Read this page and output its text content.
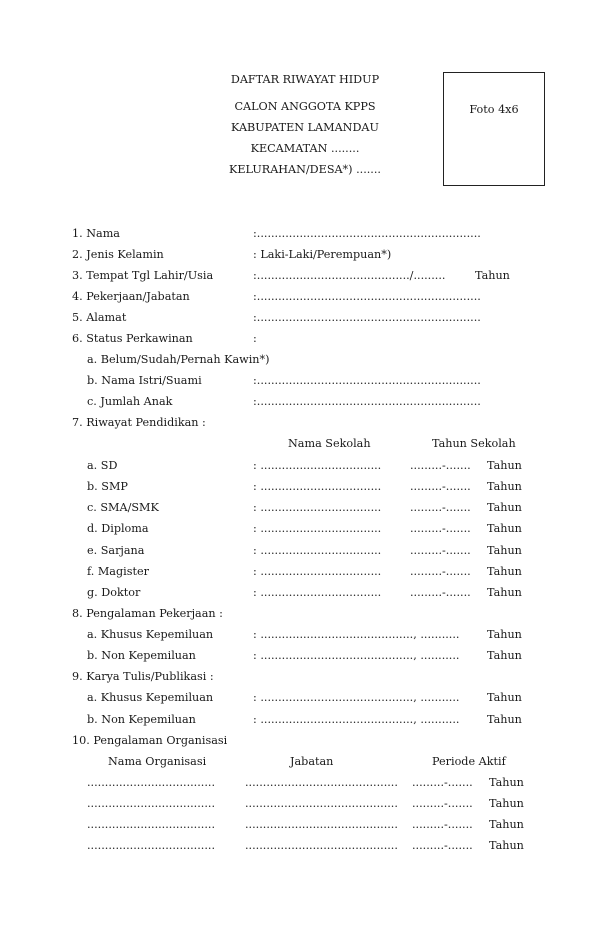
DAFTAR RIWAYAT HIDUP
CALON ANGGOTA KPPS
KABUPATEN LAMANDAU
KECAMATAN ........
KELURAHAN/DESA*) .......
Foto 4x6
1. Nama	:...............................................................
2. Jenis Kelamin	: Laki-Laki/Perempuan*)
3. Tempat Tgl Lahir/Usia	:.........................................../.........	Tahun
4. Pekerjaan/Jabatan	:...............................................................
5. Alamat	:...............................................................
6. Status Perkawinan	:
a. Belum/Sudah/Pernah Kawin*)
b. Nama Istri/Suami	:...............................................................
c. Jumlah Anak	:...............................................................
7. Riwayat Pendidikan :
Nama Sekolah	Tahun Sekolah
a. SD	: ..................................	.........-....... Tahun
b. SMP	: ..................................	.........-....... Tahun
c. SMA/SMK	: ..................................	.........-....... Tahun
d. Diploma	: ..................................	.........-....... Tahun
e. Sarjana	: ..................................	.........-....... Tahun
f. Magister	: ..................................	.........-....... Tahun
g. Doktor	: ..................................	.........-....... Tahun
8. Pengalaman Pekerjaan :
a. Khusus Kepemiluan	: ..........................................., ........... Tahun
b. Non Kepemiluan	: ..........................................., ........... Tahun
9. Karya Tulis/Publikasi :
a. Khusus Kepemiluan	: ..........................................., ........... Tahun
b. Non Kepemiluan	: ..........................................., ........... Tahun
10. Pengalaman Organisasi
Nama Organisasi	Jabatan	Periode Aktif
....................................	........................................... .........-....... Tahun
....................................	........................................... .........-....... Tahun
....................................	........................................... .........-....... Tahun
....................................	........................................... .........-....... Tahun
